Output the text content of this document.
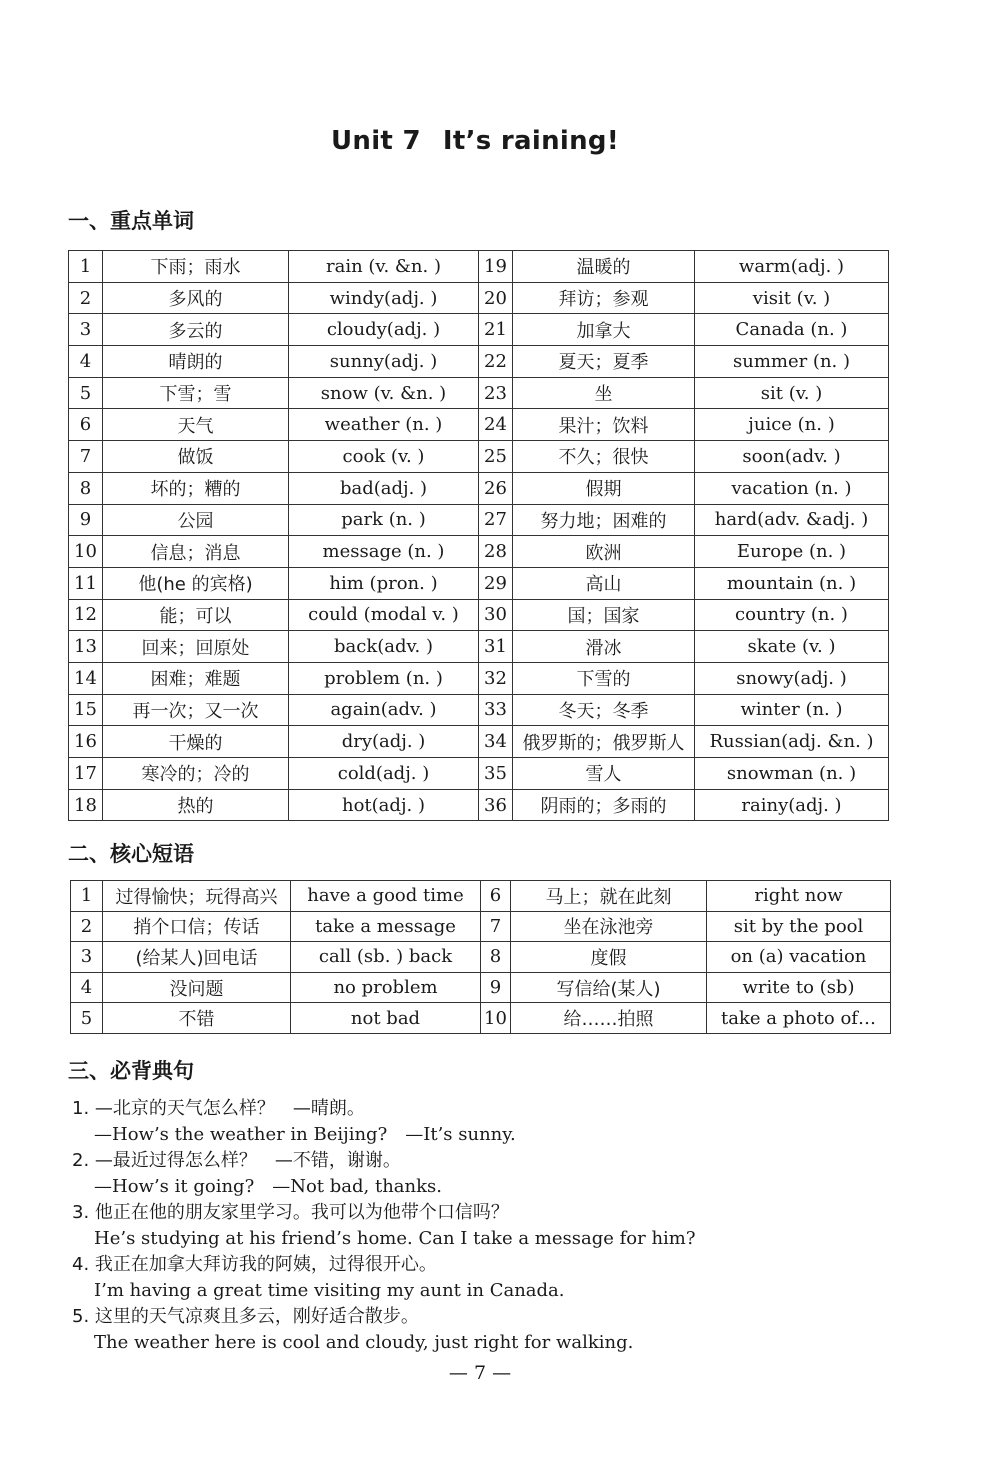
Unit 7 It’s raining!
一、重点单词
1	下雨；雨水	rain (v. &n. )	19	温暖的	warm(adj. )
2	多风的	windy(adj. )	20	拜访；参观	visit (v. )
3	多云的	cloudy(adj. )	21	加拿大	Canada (n. )
4	晴朗的	sunny(adj. )	22	夏天；夏季	summer (n. )
5	下雪；雪	snow (v. &n. )	23	坐	sit (v. )
6	天气	weather (n. )	24	果汁；饮料	juice (n. )
7	做饭	cook (v. )	25	不久；很快	soon(adv. )
8	坏的；糟的	bad(adj. )	26	假期	vacation (n. )
9	公园	park (n. )	27	努力地；困难的	hard(adv. &adj. )
10	信息；消息	message (n. )	28	欧洲	Europe (n. )
11	他(he 的宾格)	him (pron. )	29	高山	mountain (n. )
12	能；可以	could (modal v. )	30	国；国家	country (n. )
13	回来；回原处	back(adv. )	31	滑冰	skate (v. )
14	困难；难题	problem (n. )	32	下雪的	snowy(adj. )
15	再一次；又一次	again(adv. )	33	冬天；冬季	winter (n. )
16	干燥的	dry(adj. )	34	俄罗斯的；俄罗斯人	Russian(adj. &n. )
17	寒冷的；冷的	cold(adj. )	35	雪人	snowman (n. )
18	热的	hot(adj. )	36	阴雨的；多雨的	rainy(adj. )
二、核心短语
1	过得愉快；玩得高兴	have a good time	6	马上；就在此刻	right now
2	捎个口信；传话	take a message	7	坐在泳池旁	sit by the pool
3	(给某人)回电话	call (sb. ) back	8	度假	on (a) vacation
4	没问题	no problem	9	写信给(某人)	write to (sb)
5	不错	not bad	10	给……拍照	take a photo of…
三、必背典句
1. —北京的天气怎么样？　—晴朗。
—How’s the weather in Beijing?　—It’s sunny.
2. —最近过得怎么样？　—不错，谢谢。
—How’s it going?　—Not bad, thanks.
3. 他正在他的朋友家里学习。我可以为他带个口信吗？
He’s studying at his friend’s home. Can I take a message for him?
4. 我正在加拿大拜访我的阿姨，过得很开心。
I’m having a great time visiting my aunt in Canada.
5. 这里的天气凉爽且多云，刚好适合散步。
The weather here is cool and cloudy, just right for walking.
— 7 —
